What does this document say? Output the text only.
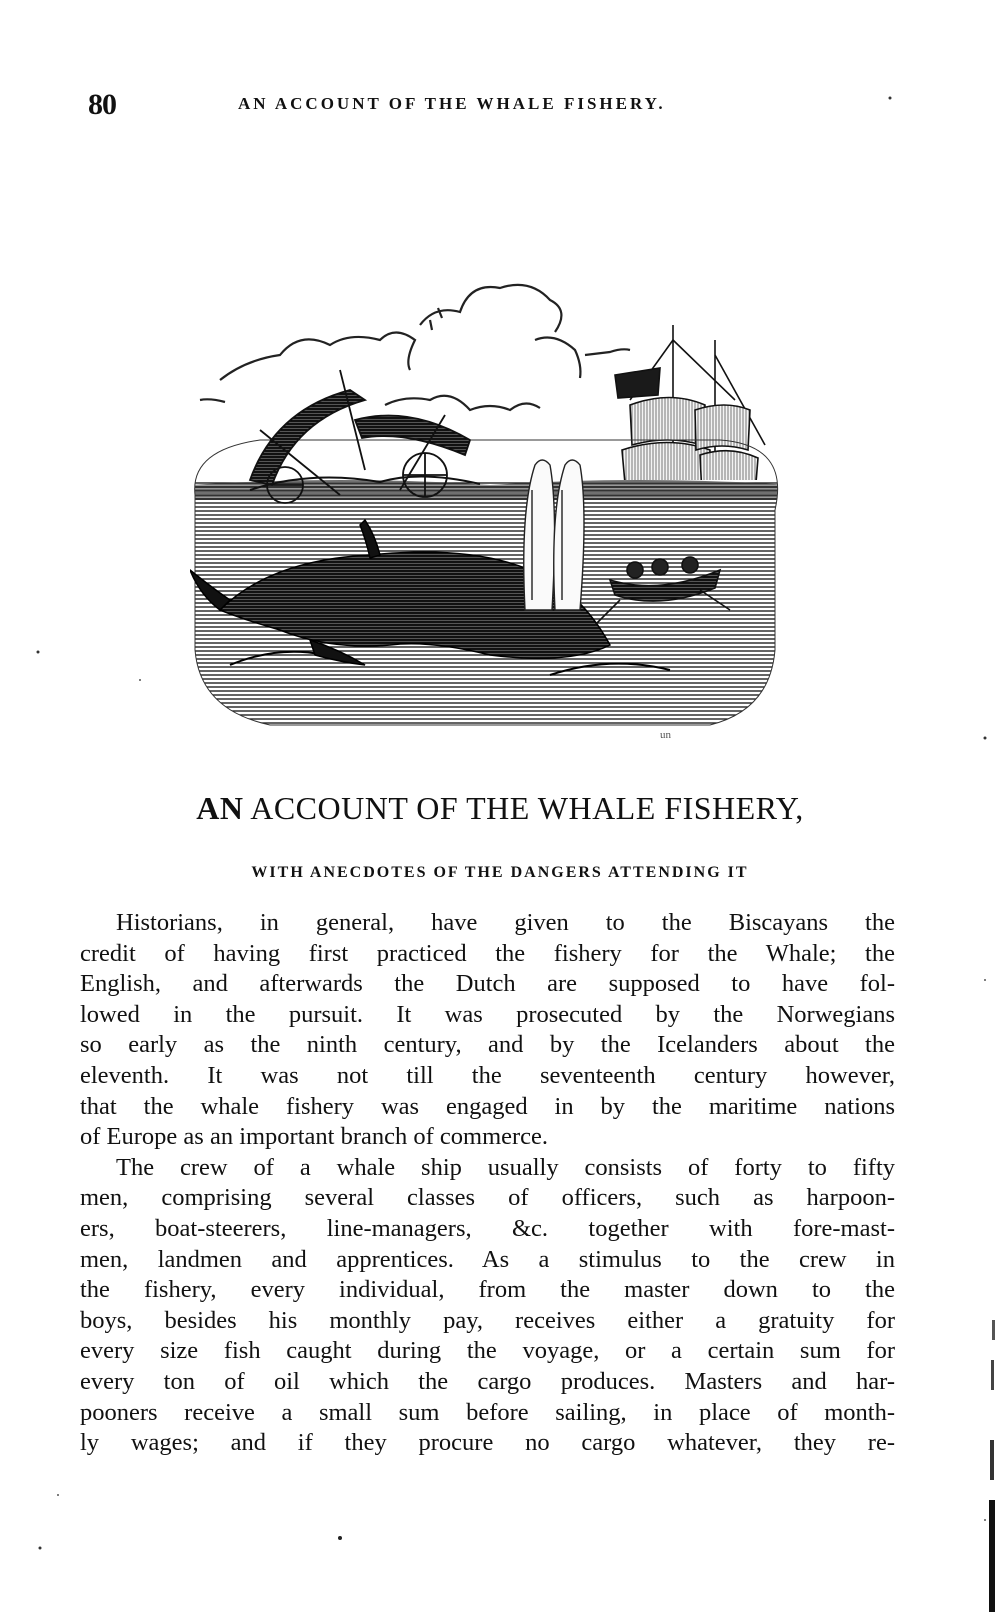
80	AN ACCOUNT OF THE WHALE FISHERY.
un
AN ACCOUNT OF THE WHALE FISHERY,
WITH ANECDOTES OF THE DANGERS ATTENDING IT
Historians, in general, have given to the Biscayans the
credit of having first practiced the fishery for the Whale; the
English, and afterwards the Dutch are supposed to have fol-
lowed in the pursuit. It was prosecuted by the Norwegians
so early as the ninth century, and by the Icelanders about the
eleventh. It was not till the seventeenth century however,
that the whale fishery was engaged in by the maritime nations
of Europe as an important branch of commerce.
The crew of a whale ship usually consists of forty to fifty
men, comprising several classes of officers, such as harpoon-
ers, boat-steerers, line-managers, &c. together with fore-mast-
men, landmen and apprentices. As a stimulus to the crew in
the fishery, every individual, from the master down to the
boys, besides his monthly pay, receives either a gratuity for
every size fish caught during the voyage, or a certain sum for
every ton of oil which the cargo produces. Masters and har-
pooners receive a small sum before sailing, in place of month-
ly wages; and if they procure no cargo whatever, they re-
